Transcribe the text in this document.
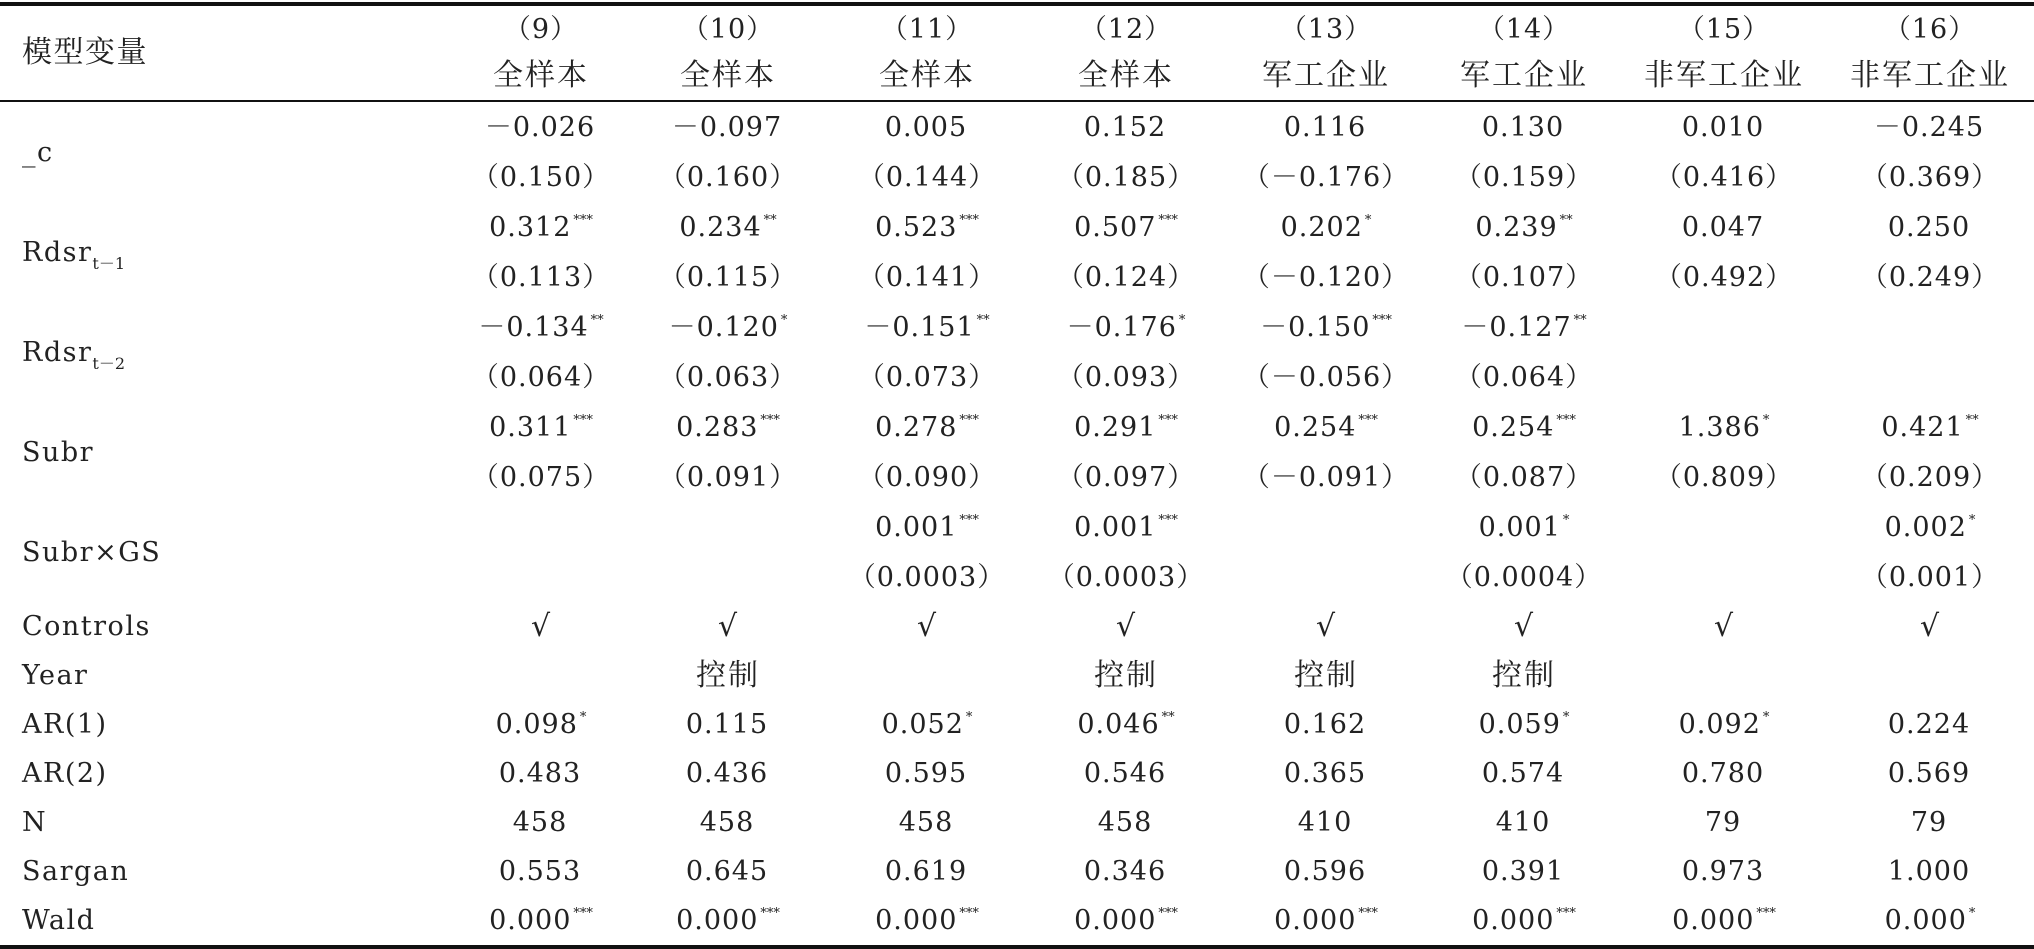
模型变量	（9）	（10）	（11）	（12）	（13）	（14）	（15）	（16）
	全样本	全样本	全样本	全样本	军工企业	军工企业	非军工企业	非军工企业
_c	－0.026	－0.097	0.005	0.152	0.116	0.130	0.010	－0.245
	（0.150）	（0.160）	（0.144）	（0.185）	（－0.176）	（0.159）	（0.416）	（0.369）
Rdsr$_{t-1}$	0.312 ***	0.234 **	0.523 ***	0.507 ***	0.202 *	0.239 **	0.047	0.250
	（0.113）	（0.115）	（0.141）	（0.124）	（－0.120）	（0.107）	（0.492）	（0.249）
Rdsr$_{t-2}$	－0.134 **	－0.120 *	－0.151 **	－0.176 *	－0.150 ***	－0.127 **		
	（0.064）	（0.063）	（0.073）	（0.093）	（－0.056）	（0.064）		
Subr	0.311 ***	0.283 ***	0.278 ***	0.291 ***	0.254 ***	0.254 ***	1.386 *	0.421 **
	（0.075）	（0.091）	（0.090）	（0.097）	（－0.091）	（0.087）	（0.809）	（0.209）
Subr×GS			0.001 ***	0.001 ***		0.001 *		0.002 *
			（0.0003）	（0.0003）		（0.0004）		（0.001）
Controls	√	√	√	√	√	√	√	√
Year		控制		控制	控制	控制		
AR(1)	0.098 *	0.115	0.052 *	0.046 **	0.162	0.059 *	0.092 *	0.224
AR(2)	0.483	0.436	0.595	0.546	0.365	0.574	0.780	0.569
N	458	458	458	458	410	410	79	79
Sargan	0.553	0.645	0.619	0.346	0.596	0.391	0.973	1.000
Wald	0.000 ***	0.000 ***	0.000 ***	0.000 ***	0.000 ***	0.000 ***	0.000 ***	0.000 *
